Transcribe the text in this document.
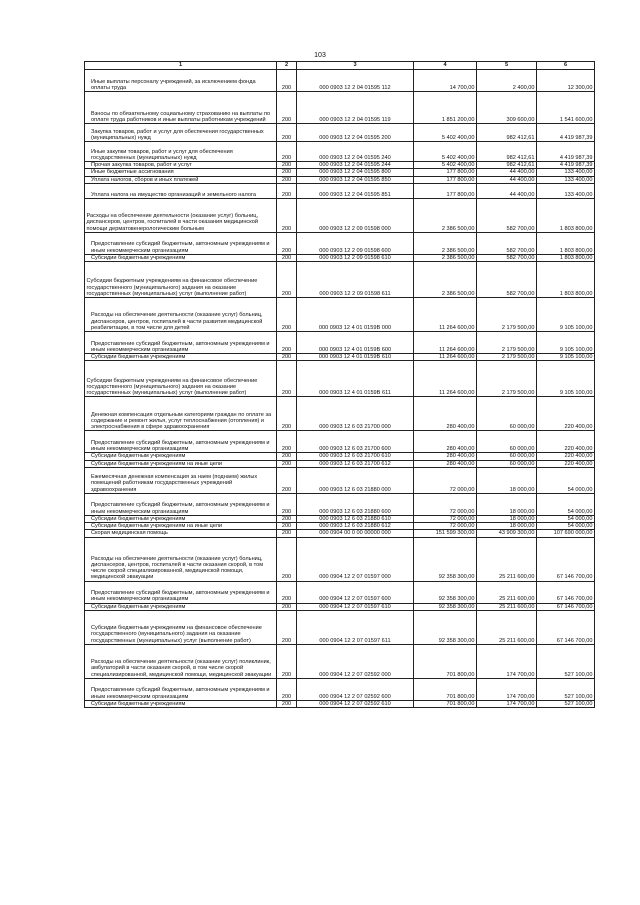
103
1	2	3	4	5	6
Иные выплаты персоналу учреждений, за исключением фонда оплаты труда	200	000 0903 12 2 04 01595 112	14 700,00	2 400,00	12 300,00
Взносы по обязательному социальному страхованию на выплаты по оплате труда работников и иные выплаты работникам учреждений	200	000 0903 12 2 04 01595 119	1 851 200,00	309 600,00	1 541 600,00
Закупка товаров, работ и услуг для обеспечения государственных (муниципальных) нужд	200	000 0903 12 2 04 01595 200	5 402 400,00	982 412,61	4 419 987,39
Иные закупки товаров, работ и услуг для обеспечения государственных (муниципальных) нужд	200	000 0903 12 2 04 01595 240	5 402 400,00	982 412,61	4 419 987,39
Прочая закупка товаров, работ и услуг	200	000 0903 12 2 04 01595 244	5 402 400,00	982 412,61	4 419 987,39
Иные бюджетные ассигнования	200	000 0903 12 2 04 01595 800	177 800,00	44 400,00	133 400,00
Уплата налогов, сборов и иных платежей	200	000 0903 12 2 04 01595 850	177 800,00	44 400,00	133 400,00
Уплата налога на имущество организаций и земельного налога	200	000 0903 12 2 04 01595 851	177 800,00	44 400,00	133 400,00
Расходы на обеспечение деятельности (оказание услуг) больниц, диспансеров, центров, госпиталей в части оказания медицинской помощи дерматовенерологическим больным	200	000 0903 12 2 09 01598 000	2 386 500,00	582 700,00	1 803 800,00
Предоставление субсидий бюджетным, автономным учреждениям и иным некоммерческим организациям	200	000 0903 12 2 09 01598 600	2 386 500,00	582 700,00	1 803 800,00
Субсидии бюджетным учреждениям	200	000 0903 12 2 09 01598 610	2 386 500,00	582 700,00	1 803 800,00
Субсидии бюджетным учреждениям на финансовое обеспечение государственного (муниципального) задания на оказание государственных (муниципальных) услуг (выполнение работ)	200	000 0903 12 2 09 01598 611	2 386 500,00	582 700,00	1 803 800,00
Расходы на обеспечение деятельности (оказание услуг) больниц, диспансеров, центров, госпиталей в части развития медицинской реабилитации, в том числе для детей	200	000 0903 12 4 01 0159В 000	11 264 600,00	2 179 500,00	9 105 100,00
Предоставление субсидий бюджетным, автономным учреждениям и иным некоммерческим организациям	200	000 0903 12 4 01 0159В 600	11 264 600,00	2 179 500,00	9 105 100,00
Субсидии бюджетным учреждениям	200	000 0903 12 4 01 0159В 610	11 264 600,00	2 179 500,00	9 105 100,00
Субсидии бюджетным учреждениям на финансовое обеспечение государственного (муниципального) задания на оказание государственных (муниципальных) услуг (выполнение работ)	200	000 0903 12 4 01 0159В 611	11 264 600,00	2 179 500,00	9 105 100,00
Денежная компенсация отдельным категориям граждан по оплате за содержание и ремонт жилья, услуг теплоснабжения (отопления) и электроснабжения в сфере здравоохранения	200	000 0903 12 6 03 21700 000	280 400,00	60 000,00	220 400,00
Предоставление субсидий бюджетным, автономным учреждениям и иным некоммерческим организациям	200	000 0903 12 6 03 21700 600	280 400,00	60 000,00	220 400,00
Субсидии бюджетным учреждениям	200	000 0903 12 6 03 21700 610	280 400,00	60 000,00	220 400,00
Субсидии бюджетным учреждениям на иные цели	200	000 0903 12 6 03 21700 612	280 400,00	60 000,00	220 400,00
Ежемесячная денежная компенсация за наем (поднаем) жилых помещений работникам государственных учреждений здравоохранения	200	000 0903 12 6 03 21880 000	72 000,00	18 000,00	54 000,00
Предоставление субсидий бюджетным, автономным учреждениям и иным некоммерческим организациям	200	000 0903 12 6 03 21880 600	72 000,00	18 000,00	54 000,00
Субсидии бюджетным учреждениям	200	000 0903 12 6 03 21880 610	72 000,00	18 000,00	54 000,00
Субсидии бюджетным учреждениям на иные цели	200	000 0903 12 6 03 21880 612	72 000,00	18 000,00	54 000,00
Скорая медицинская помощь	200	000 0904 00 0 00 00000 000	151 599 300,00	43 909 300,00	107 690 000,00
Расходы на обеспечение деятельности (оказание услуг) больниц, диспансеров, центров, госпиталей в части оказания скорой, в том числе скорой специализированной, медицинской помощи, медицинской эвакуации	200	000 0904 12 2 07 01597 000	92 358 300,00	25 211 600,00	67 146 700,00
Предоставление субсидий бюджетным, автономным учреждениям и иным некоммерческим организациям	200	000 0904 12 2 07 01597 600	92 358 300,00	25 211 600,00	67 146 700,00
Субсидии бюджетным учреждениям	200	000 0904 12 2 07 01597 610	92 358 300,00	25 211 600,00	67 146 700,00
Субсидии бюджетным учреждениям на финансовое обеспечение государственного (муниципального) задания на оказание государственных (муниципальных) услуг (выполнение работ)	200	000 0904 12 2 07 01597 611	92 358 300,00	25 211 600,00	67 146 700,00
Расходы на обеспечение деятельности (оказание услуг) поликлиник, амбулаторий в части оказания скорой, в том числе скорой специализированной, медицинской помощи, медицинской эвакуации	200	000 0904 12 2 07 02592 000	701 800,00	174 700,00	527 100,00
Предоставление субсидий бюджетным, автономным учреждениям и иным некоммерческим организациям	200	000 0904 12 2 07 02592 600	701 800,00	174 700,00	527 100,00
Субсидии бюджетным учреждениям	200	000 0904 12 2 07 02592 610	701 800,00	174 700,00	527 100,00
